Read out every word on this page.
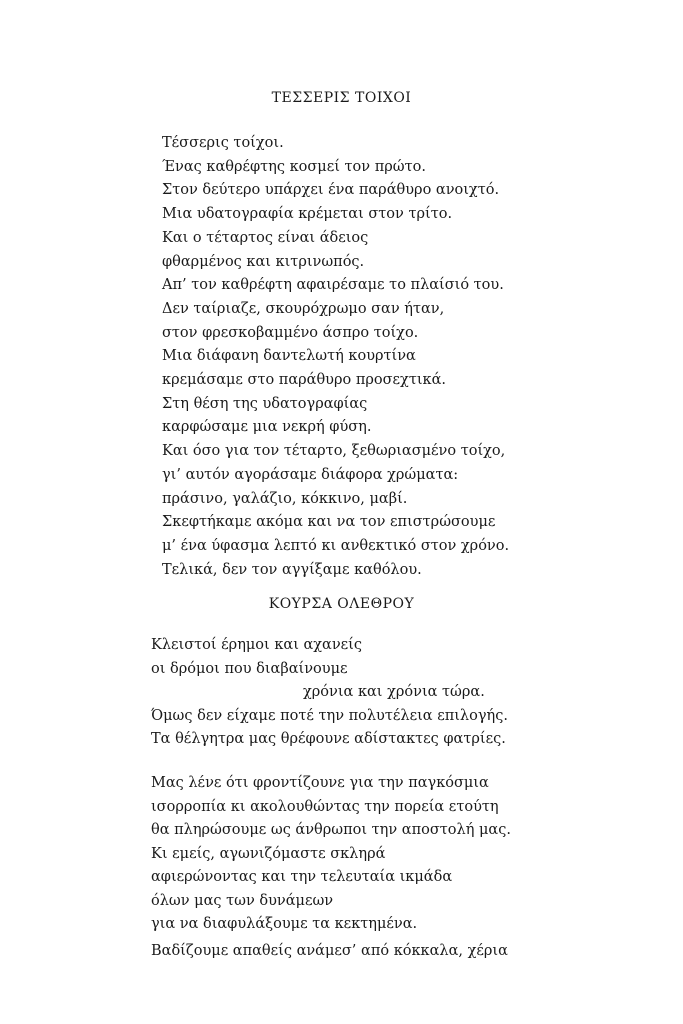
ΤΕΣΣΕΡΙΣ ΤΟΙΧΟΙ
Τέσσερις τοίχοι.
Ένας καθρέφτης κοσμεί τον πρώτο.
Στον δεύτερο υπάρχει ένα παράθυρο ανοιχτό.
Μια υδατογραφία κρέμεται στον τρίτο.
Και ο τέταρτος είναι άδειος
φθαρμένος και κιτρινωπός.
Απ’ τον καθρέφτη αφαιρέσαμε το πλαίσιό του.
Δεν ταίριαζε, σκουρόχρωμο σαν ήταν,
στον φρεσκοβαμμένο άσπρο τοίχο.
Μια διάφανη δαντελωτή κουρτίνα
κρεμάσαμε στο παράθυρο προσεχτικά.
Στη θέση της υδατογραφίας
καρφώσαμε μια νεκρή φύση.
Και όσο για τον τέταρτο, ξεθωριασμένο τοίχο,
γι’ αυτόν αγοράσαμε διάφορα χρώματα:
πράσινο, γαλάζιο, κόκκινο, μαβί.
Σκεφτήκαμε ακόμα και να τον επιστρώσουμε
μ’ ένα ύφασμα λεπτό κι ανθεκτικό στον χρόνο.
Τελικά, δεν τον αγγίξαμε καθόλου.
ΚΟΥΡΣΑ ΟΛΕΘΡΟΥ
Κλειστοί έρημοι και αχανείς
οι δρόμοι που διαβαίνουμε
χρόνια και χρόνια τώρα.
Όμως δεν είχαμε ποτέ την πολυτέλεια επιλογής.
Τα θέλγητρα μας θρέφουνε αδίστακτες φατρίες.
Μας λένε ότι φροντίζουνε για την παγκόσμια
ισορροπία κι ακολουθώντας την πορεία ετούτη
θα πληρώσουμε ως άνθρωποι την αποστολή μας.
Κι εμείς, αγωνιζόμαστε σκληρά
αφιερώνοντας και την τελευταία ικμάδα
όλων μας των δυνάμεων
για να διαφυλάξουμε τα κεκτημένα.
Βαδίζουμε απαθείς ανάμεσ’ από κόκκαλα, χέρια
